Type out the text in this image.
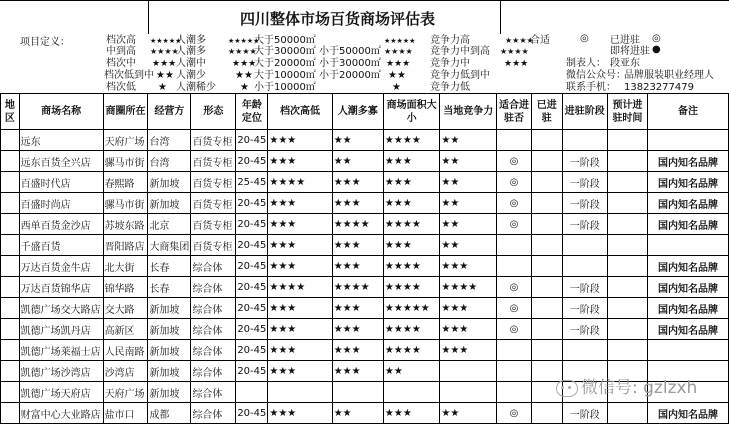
四川整体市场百货商场评估表
项目定义：	档次高
中到高
档次中
档次低到中
档次低
★★★★★
人潮多
★★★★
人潮多
★★★ 人潮中
★★ 人潮少
★ 人潮稀少
★★★★★
大于50000㎡
★★★★
大于30000㎡ 小于50000㎡
★★★
大于20000㎡ 小于30000㎡
★★ 大于10000㎡ 小于20000㎡
★ 小于10000㎡
★★★★★ 竞争力高
★★★★ 竞争力中到高
★★★ 竞争力中
★★ 竞争力低到中
★	竞争力低
★★★★
合适	◎ 已进驻 ◎
即将进驻 ●
★★★★
★★★	制表人： 段亚东
微信公众号：
品牌服装职业经理人
联系手机： 13823277479
地区	商场名称	商圈所在	经营方	形态	年龄定位	档次高低	人潮多寡	商场面积大小	当地竞争力	适合进驻否	已进驻	进驻阶段	预计进驻时间	备注
	远东	天府广场	台湾	百货专柜	20-45	★★★	★★	★★★★	★★					
	远东百货全兴店	骡马市街	台湾	百货专柜	20-45	★★★	★★	★★★	★★	◎		一阶段		国内知名品牌
	百盛时代店	春熙路	新加坡	百货专柜	25-45	★★★★	★★★	★★★	★★	◎		一阶段		国内知名品牌
	百盛时尚店	骡马市街	新加坡	百货专柜	20-45	★★★	★★★	★★★	★★	◎		一阶段		国内知名品牌
	西单百货金沙店	苏坡东路	北京	百货专柜	20-45	★★★	★★★★	★★★★	★★	◎		一阶段		国内知名品牌
	千盛百货	晋阳路店	大商集团	百货专柜	20-45	★★★	★★★	★★★	★★					
	万达百货金牛店	北大街	长春	综合体	20-45	★★★	★★★	★★★★	★★★					国内知名品牌
	万达百货锦华店	锦华路	长春	综合体	20-45	★★★★	★★★★	★★★★	★★★★	◎		一阶段		国内知名品牌
	凯德广场交大路店	交大路	新加坡	综合体	20-45	★★★	★★★	★★★★★	★★★	◎		一阶段		国内知名品牌
	凯德广场凯丹店	高新区	新加坡	综合体	20-45	★★★	★★★	★★★★	★★★	◎		一阶段		国内知名品牌
	凯德广场莱福士店	人民南路	新加坡	综合体	20-45	★★★	★★★	★★★★	★★★					
	凯德广场沙湾店	沙湾店	新加坡	综合体	20-45	★★★	★★★	★★						
	凯德广场天府店	天府广场	新加坡	综合体										
	财富中心大业路店	盐市口	成都	综合体	20-45	★★★	★★	★★★	★★	◎		一阶段		国内知名品牌
微信号: gzlzxh
